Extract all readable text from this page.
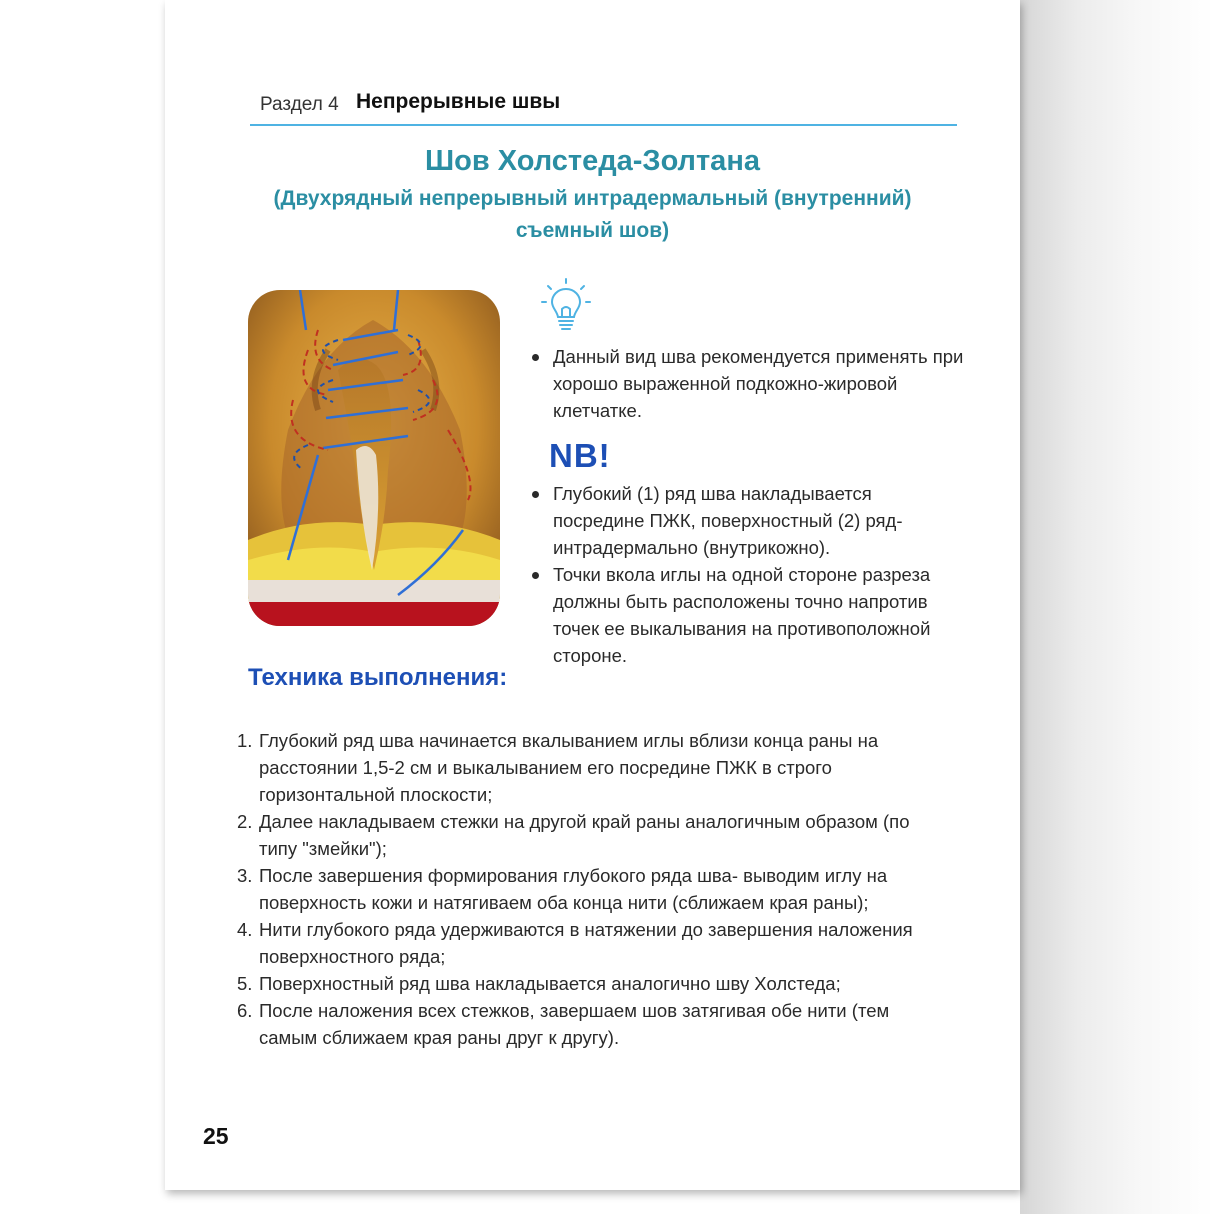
Раздел 4 Непрерывные швы
Шов Холстеда-Золтана
(Двухрядный непрерывный интрадермальный (внутренний) съемный шов)
Данный вид шва рекомендуется применять при хорошо выраженной подкожно-жировой клетчатке.
NB!
Глубокий (1) ряд шва накладывается посредине ПЖК, поверхностный (2) ряд- интрадермально (внутрикожно).
Точки вкола иглы на одной стороне разреза должны быть расположены точно напротив точек ее выкалывания на противоположной стороне.
Техника выполнения:
1. Глубокий ряд шва начинается вкалыванием иглы вблизи конца раны на расстоянии 1,5-2 см и выкалыванием его посредине ПЖК в строго горизонтальной плоскости;
2. Далее накладываем стежки на другой край раны аналогичным образом (по типу "змейки");
3. После завершения формирования глубокого ряда шва- выводим иглу на поверхность кожи и натягиваем оба конца нити (сближаем края раны);
4. Нити глубокого ряда удерживаются в натяжении до завершения наложения поверхностного ряда;
5. Поверхностный ряд шва накладывается аналогично шву Холстеда;
6. После наложения всех стежков, завершаем шов затягивая обе нити (тем самым сближаем края раны друг к другу).
25
